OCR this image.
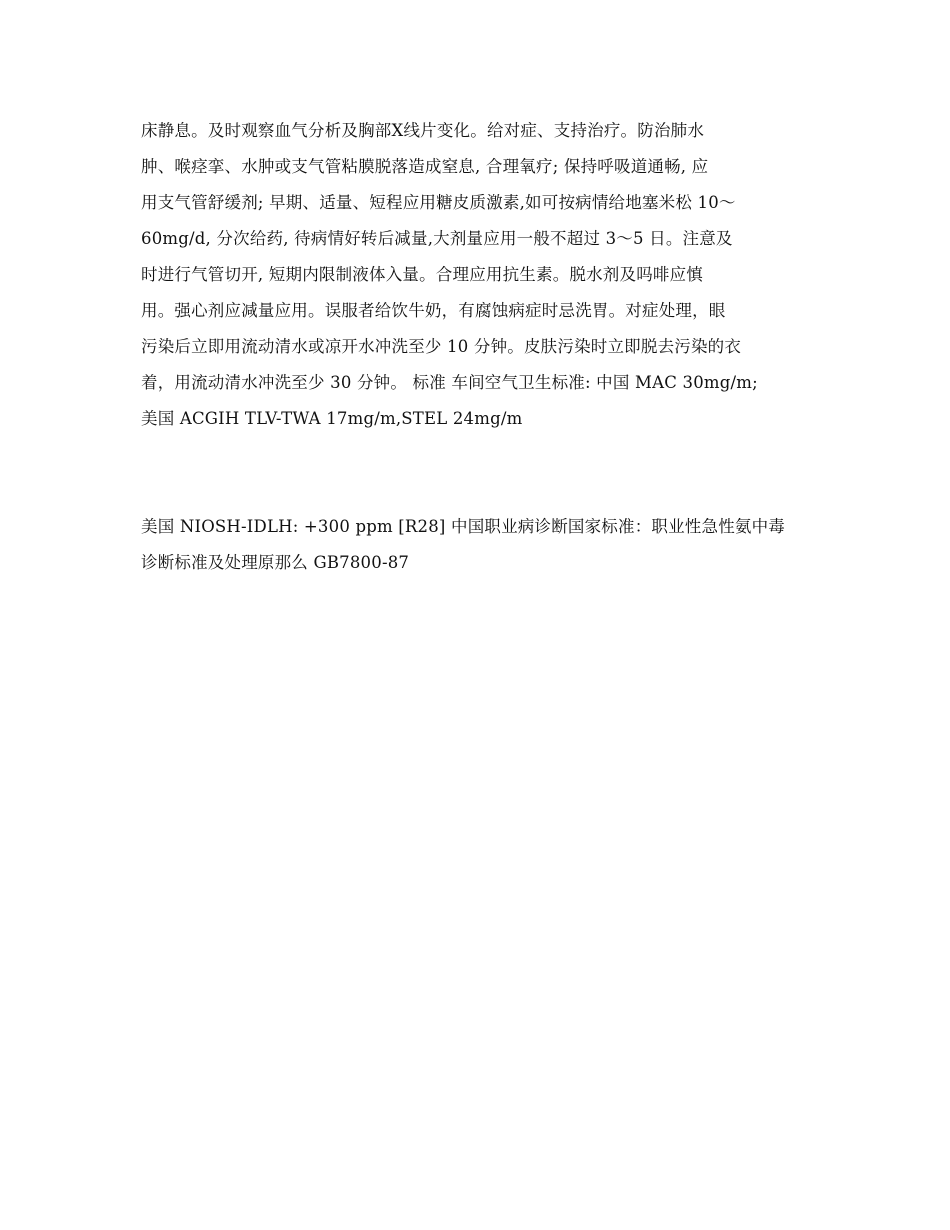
床静息。及时观察血气分析及胸部X线片变化。给对症、支持治疗。防治肺水
肿、喉痉挛、水肿或支气管粘膜脱落造成窒息, 合理氧疗; 保持呼吸道通畅, 应
用支气管舒缓剂; 早期、适量、短程应用糖皮质激素,如可按病情给地塞米松 10～
60mg/d, 分次给药, 待病情好转后减量,大剂量应用一般不超过 3～5 日。注意及
时进行气管切开, 短期内限制液体入量。合理应用抗生素。脱水剂及吗啡应慎
用。强心剂应减量应用。误服者给饮牛奶，有腐蚀病症时忌洗胃。对症处理，眼
污染后立即用流动清水或凉开水冲洗至少 10 分钟。皮肤污染时立即脱去污染的衣
着，用流动清水冲洗至少 30 分钟。 标准 车间空气卫生标准: 中国 MAC 30mg/m;
美国 ACGIH TLV-TWA 17mg/m,STEL 24mg/m
美国 NIOSH-IDLH: +300 ppm [R28] 中国职业病诊断国家标准：职业性急性氨中毒
诊断标准及处理原那么 GB7800-87
